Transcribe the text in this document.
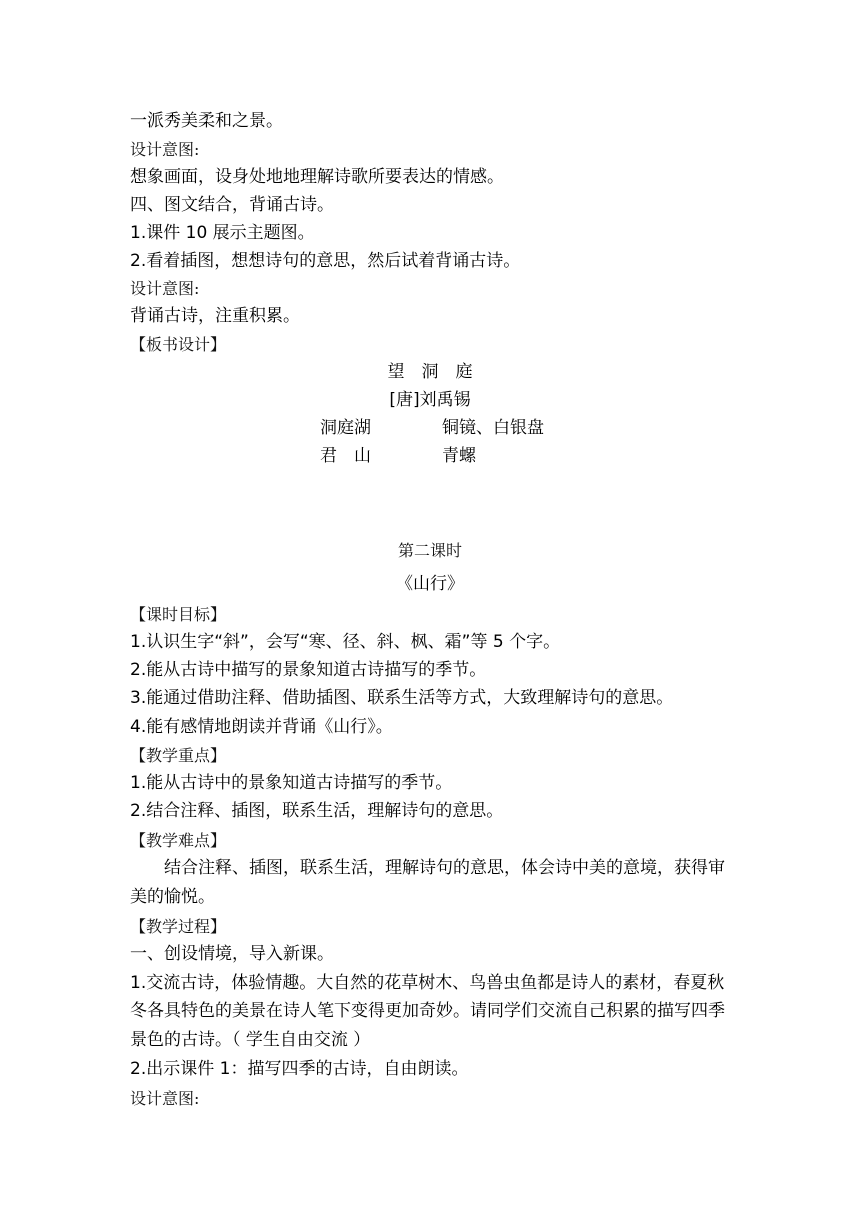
一派秀美柔和之景。
设计意图:
想象画面，设身处地地理解诗歌所要表达的情感。
四、图文结合，背诵古诗。
1.课件 10 展示主题图。
2.看着插图，想想诗句的意思，然后试着背诵古诗。
设计意图:
背诵古诗，注重积累。
【板书设计】
望　洞　庭
[唐]刘禹锡
洞庭湖	铜镜、白银盘
君　山	青螺
第二课时
《山行》
【课时目标】
1.认识生字“斜”，会写“寒、径、斜、枫、霜”等 5 个字。
2.能从古诗中描写的景象知道古诗描写的季节。
3.能通过借助注释、借助插图、联系生活等方式，大致理解诗句的意思。
4.能有感情地朗读并背诵《山行》。
【教学重点】
1.能从古诗中的景象知道古诗描写的季节。
2.结合注释、插图，联系生活，理解诗句的意思。
【教学难点】
结合注释、插图，联系生活，理解诗句的意思，体会诗中美的意境，获得审
美的愉悦。
【教学过程】
一、创设情境，导入新课。
1.交流古诗，体验情趣。大自然的花草树木、鸟兽虫鱼都是诗人的素材，春夏秋
冬各具特色的美景在诗人笔下变得更加奇妙。请同学们交流自己积累的描写四季
景色的古诗。（ 学生自由交流 ）
2.出示课件 1：描写四季的古诗，自由朗读。
设计意图:
